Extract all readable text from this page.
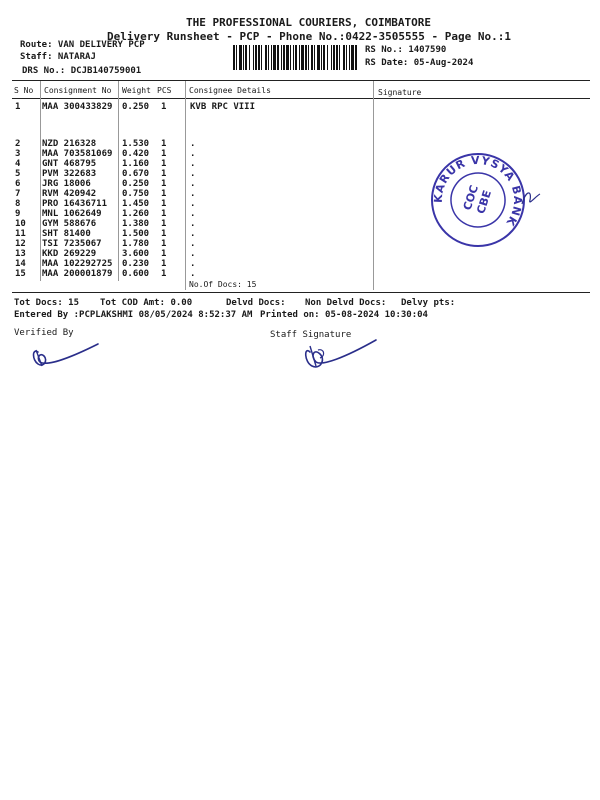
THE PROFESSIONAL COURIERS, COIMBATORE
Delivery Runsheet - PCP - Phone No.:0422-3505555 - Page No.:1
Route: VAN DELIVERY PCP
Staff: NATARAJ
DRS No.: DCJB140759001
RS No.: 1407590
RS Date: 05-Aug-2024
S No Consignment No Weight PCS Consignee Details	Signature
1 MAA 300433829 0.250 1	KVB RPC VIII
2 NZD 216328	1.530 1	.
3 MAA 703581069 0.420 1	.
4 GNT 468795	1.160 1	.
5 PVM 322683	0.670 1	.
6 JRG 18006	0.250 1	.
7 RVM 420942	0.750 1	.
8 PRO 16436711 1.450 1	.
9 MNL 1062649 1.260 1	.
10 GYM 588676	1.380 1	.
11 SHT 81400	1.500 1	.
12 TSI 7235067 1.780 1	.
13 KKD 269229	3.600 1	.
14 MAA 102292725 0.230 1	.
15 MAA 200001879 0.600 1	.
No.Of Docs: 15
Tot Docs: 15 Tot COD Amt: 0.00	Delvd Docs: Non Delvd Docs: Delvy pts:
Entered By :PCPLAKSHMI 08/05/2024 8:52:37 AM Printed on: 05-08-2024 10:30:04
Verified By	Staff Signature
KARUR VYSYA BANK
COC
CBE
